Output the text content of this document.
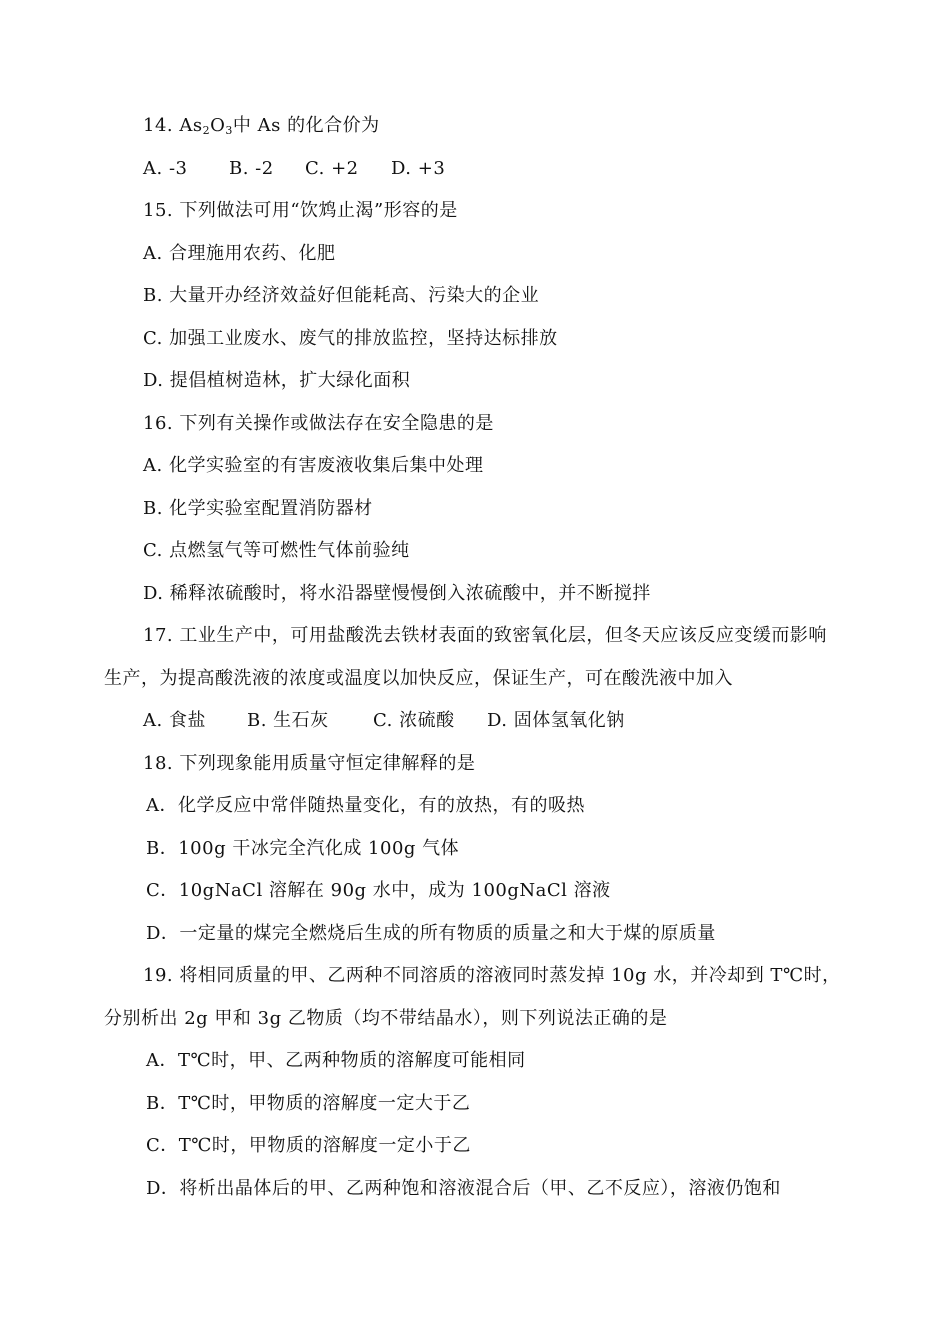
14. $As_2O_3$中 As 的化合价为
A. -3 B. -2 C. +2 D. +3
15. 下列做法可用“饮鸩止渴”形容的是
A. 合理施用农药、化肥
B. 大量开办经济效益好但能耗高、污染大的企业
C. 加强工业废水、废气的排放监控，坚持达标排放
D. 提倡植树造林，扩大绿化面积
16. 下列有关操作或做法存在安全隐患的是
A. 化学实验室的有害废液收集后集中处理
B. 化学实验室配置消防器材
C. 点燃氢气等可燃性气体前验纯
D. 稀释浓硫酸时，将水沿器壁慢慢倒入浓硫酸中，并不断搅拌
17. 工业生产中，可用盐酸洗去铁材表面的致密氧化层，但冬天应该反应变缓而影响
生产，为提高酸洗液的浓度或温度以加快反应，保证生产，可在酸洗液中加入
A. 食盐 B. 生石灰 C. 浓硫酸 D. 固体氢氧化钠
18. 下列现象能用质量守恒定律解释的是
A．化学反应中常伴随热量变化，有的放热，有的吸热
B．100g 干冰完全汽化成 100g 气体
C．10gNaCl 溶解在 90g 水中，成为 100gNaCl 溶液
D．一定量的煤完全燃烧后生成的所有物质的质量之和大于煤的原质量
19. 将相同质量的甲、乙两种不同溶质的溶液同时蒸发掉 10g 水，并冷却到 T℃时，
分别析出 2g 甲和 3g 乙物质（均不带结晶水），则下列说法正确的是
A．T℃时，甲、乙两种物质的溶解度可能相同
B．T℃时，甲物质的溶解度一定大于乙
C．T℃时，甲物质的溶解度一定小于乙
D．将析出晶体后的甲、乙两种饱和溶液混合后（甲、乙不反应），溶液仍饱和
